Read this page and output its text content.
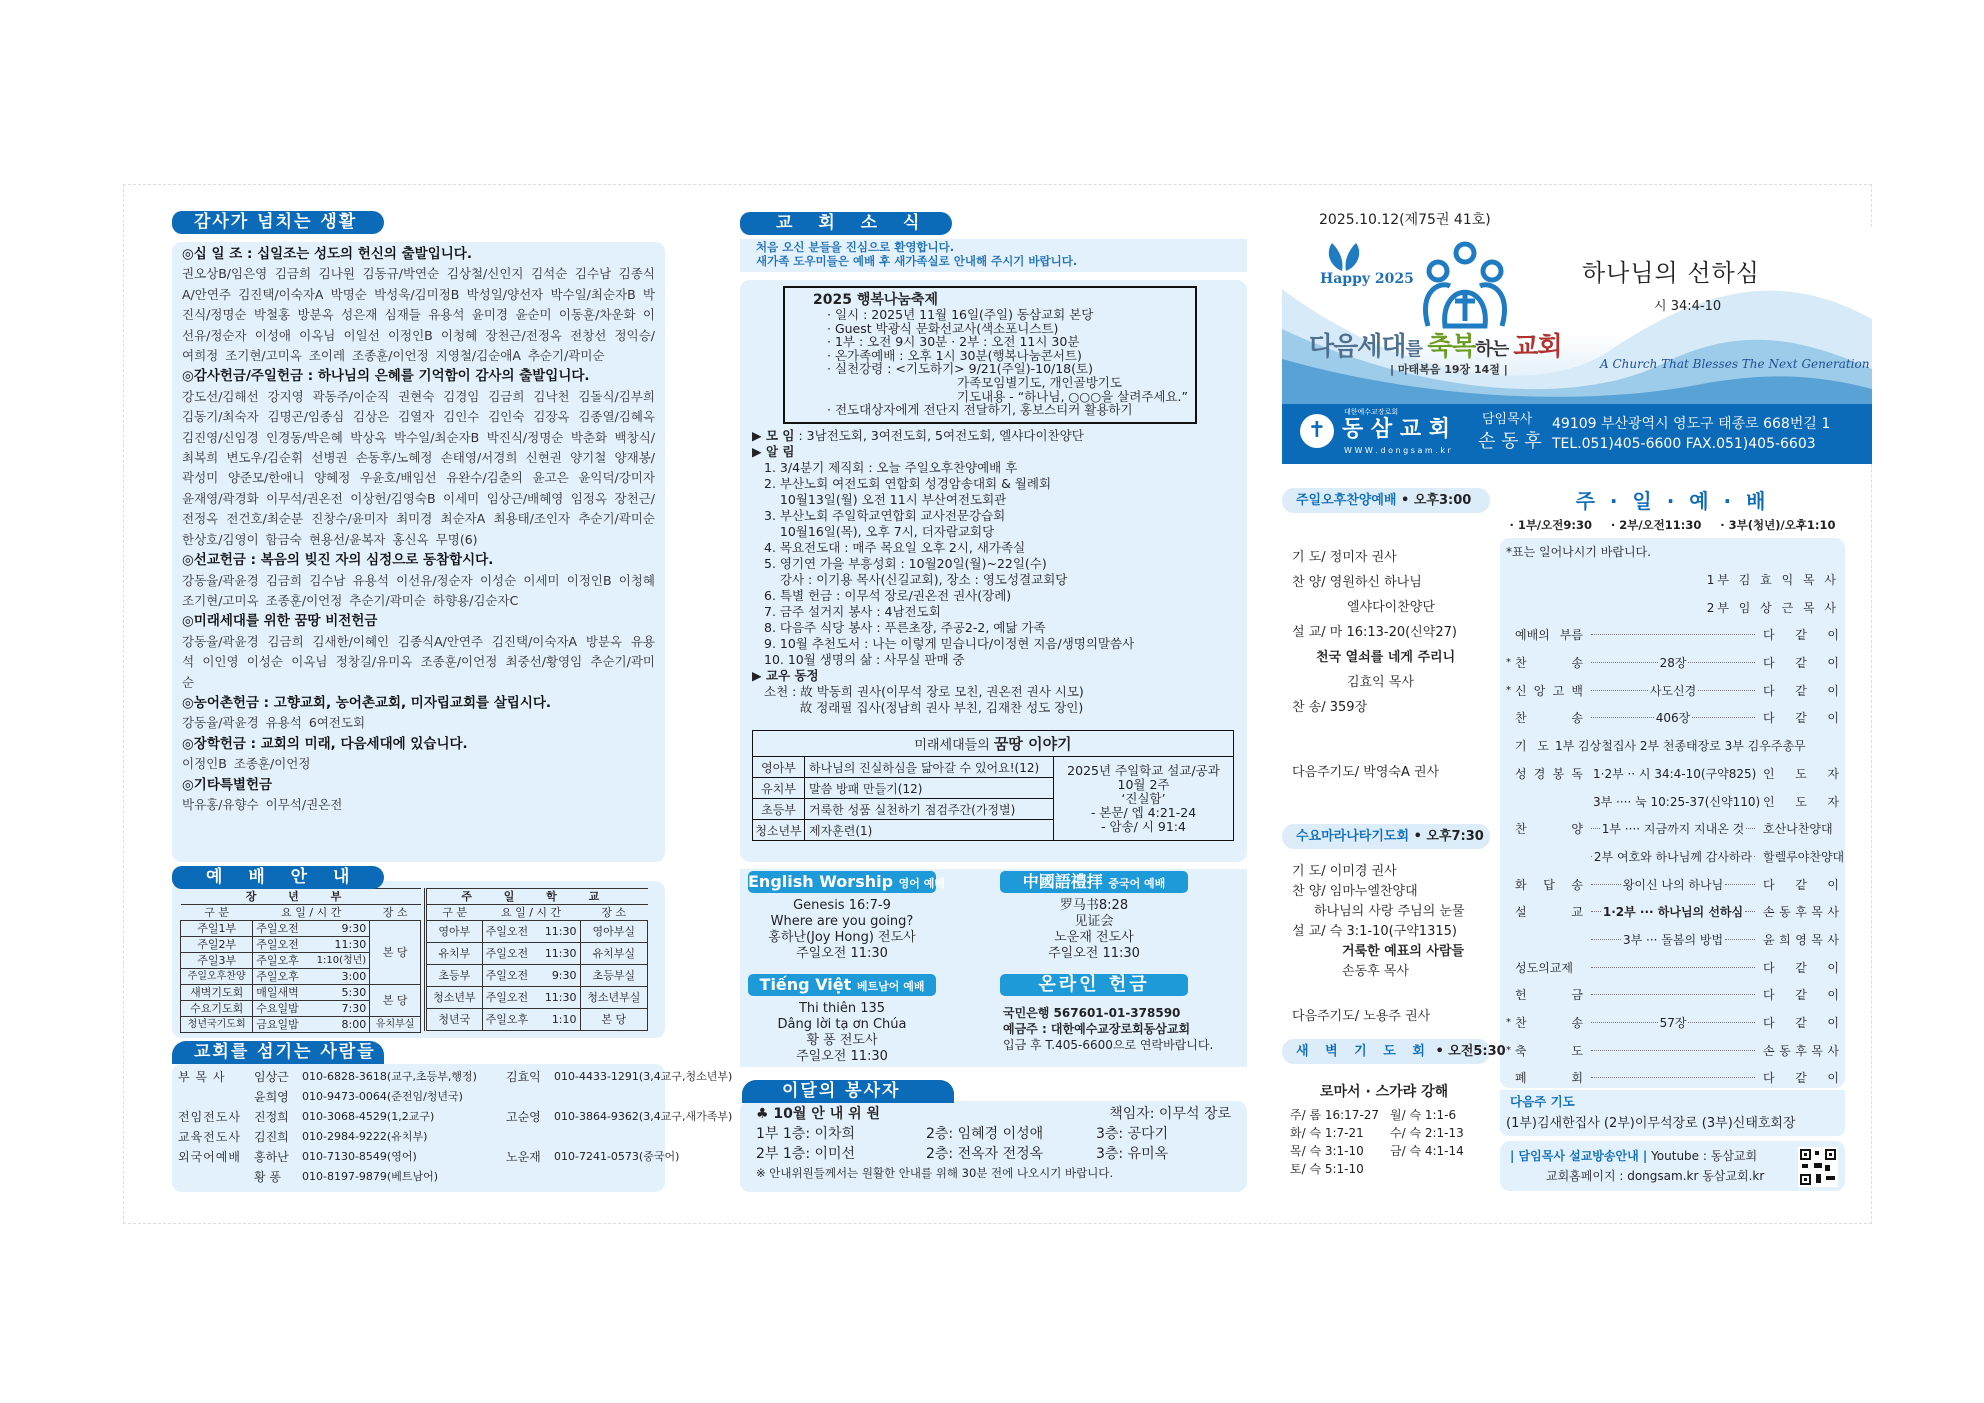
감사가 넘치는 생활
◎십 일 조 : 십일조는 성도의 헌신의 출발입니다.
권오상B/임은영 김금희 김나원 김동규/박연순 김상철/신인지 김석순 김수남 김종식A/안연주 김진택/이숙자A 박명순 박성욱/김미정B 박성일/양선자 박수일/최순자B 박진식/정명순 박철홍 방분옥 성은재 심재들 유용석 윤미경 윤순미 이동훈/차운화 이선유/정순자 이성애 이옥님 이일선 이정인B 이청혜 장천근/전정옥 전창선 정익승/여희정 조기현/고미옥 조이레 조종훈/이언정 지영철/김순애A 추순기/곽미순
◎감사헌금/주일헌금 : 하나님의 은혜를 기억함이 감사의 출발입니다.
강도선/김해선 강지영 곽동주/이순직 권현숙 김경임 김금희 김낙천 김돌식/김부희 김동기/최숙자 김명곤/임종심 김상은 김열자 김인수 김인숙 김장옥 김종열/김혜옥 김진영/신임경 인경동/박은혜 박상옥 박수일/최순자B 박진식/정명순 박춘화 백창식/최복희 변도우/김순휘 선병권 손동후/노혜정 손태영/서경희 신현권 양기철 양재봉/곽성미 양준모/한애니 양혜정 우윤호/배임선 유완수/김춘의 윤고은 윤익덕/강미자 윤재영/곽경화 이무석/권온전 이상헌/김영숙B 이세미 임상근/배혜영 임정옥 장천근/전정옥 전건호/최순분 진창수/윤미자 최미경 최순자A 최용태/조인자 추순기/곽미순 한상호/김영이 함금숙 현용선/윤복자 홍신옥 무명(6)
◎선교헌금 : 복음의 빚진 자의 심정으로 동참합시다.
강동율/곽윤경 김금희 김수남 유용석 이선유/정순자 이성순 이세미 이정인B 이청혜 조기현/고미옥 조종훈/이언정 추순기/곽미순 하향용/김순자C
◎미래세대를 위한 꿈땅 비전헌금
강동율/곽윤경 김금희 김새한/이혜인 김종식A/안연주 김진택/이숙자A 방분옥 유용석 이인영 이성순 이옥님 정창길/유미옥 조종훈/이언정 최중선/황영임 추순기/곽미순
◎농어촌헌금 : 고향교회, 농어촌교회, 미자립교회를 살립시다.
강동율/곽윤경 유용석 6여전도회
◎장학헌금 : 교회의 미래, 다음세대에 있습니다.
이정인B 조종훈/이언정
◎기타특별헌금
박유홍/유향수 이무석/권온전
예 배 안 내
장 년 부			
구 분	요 일 / 시 간		장 소
주일1부	주일오전	9:30	본 당
주일2부	주일오전	11:30	
주일3부	주일오후	1:10(청년)	
주일오후찬양	주일오후	3:00	
새벽기도회	매일새벽	5:30	본 당
수요기도회	수요일밤	7:30	
청년국기도회	금요일밤	8:00	유치부실
주 일 학 교			
구 분	요 일 / 시 간		장 소
영아부	주일오전	11:30	영아부실
유치부	주일오전	11:30	유치부실
초등부	주일오전	9:30	초등부실
청소년부	주일오전	11:30	청소년부실
청년국	주일오후	1:10	본 당
교회를 섬기는 사람들
부 목 사	임상근	010-6828-3618(교구,초등부,행정)	김효익	010-4433-1291(3,4교구,청소년부)
윤희영	010-9473-0064(준전임/청년국)
전임전도사	진정희	010-3068-4529(1,2교구)	고순영	010-3864-9362(3,4교구,새가족부)
교육전도사	김진희	010-2984-9222(유치부)
외국어예배	홍하난	010-7130-8549(영어)	노운재	010-7241-0573(중국어)
황 퐁	010-8197-9879(베트남어)
교 회 소 식
처음 오신 분들을 진심으로 환영합니다.
새가족 도우미들은 예배 후 새가족실로 안내해 주시기 바랍니다.
2025 행복나눔축제
· 일시 : 2025년 11월 16일(주일) 동삼교회 본당
· Guest 박광식 문화선교사(색소포니스트)
· 1부 : 오전 9시 30분 · 2부 : 오전 11시 30분
· 온가족예배 : 오후 1시 30분(행복나눔콘서트)
· 실천강령 : <기도하기> 9/21(주일)-10/18(토)
가족모임별기도, 개인골방기도
기도내용 - “하나님, ○○○을 살려주세요.”
· 전도대상자에게 전단지 전달하기, 홍보스티커 활용하기
▶ 모 임 : 3남전도회, 3여전도회, 5여전도회, 엘샤다이찬양단
▶ 알 림
1. 3/4분기 제직회 : 오늘 주일오후찬양예배 후
2. 부산노회 여전도회 연합회 성경암송대회 & 월례회
10월13일(월) 오전 11시 부산여전도회관
3. 부산노회 주일학교연합회 교사전문강습회
10월16일(목), 오후 7시, 더자람교회당
4. 목요전도대 : 매주 목요일 오후 2시, 새가족실
5. 영기연 가을 부흥성회 : 10월20일(월)~22일(수)
강사 : 이기용 목사(신길교회), 장소 : 영도성결교회당
6. 특별 헌금 : 이무석 장로/권온전 권사(장례)
7. 금주 설거지 봉사 : 4남전도회
8. 다음주 식당 봉사 : 푸른초장, 주공2-2, 예닮 가족
9. 10월 추천도서 : 나는 이렇게 믿습니다/이정현 지음/생명의말씀사
10. 10월 생명의 삶 : 사무실 판매 중
▶ 교우 동정
소천 : 故 박동희 권사(이무석 장로 모친, 권온전 권사 시모)
故 정래필 집사(정남희 권사 부친, 김재찬 성도 장인)
미래세대들의 꿈땅 이야기		
영아부	하나님의 진실하심을 닮아갈 수 있어요!(12)	2025년 주일학교 설교/공과
10월 2주
‘진실함’
- 본문/ 엡 4:21-24
- 암송/ 시 91:4

유치부	말씀 방패 만들기(12)	
초등부	거룩한 성품 실천하기 점검주간(가정별)	
청소년부	제자훈련(1)	
English Worship 영어 예배
Genesis 16:7-9
Where are you going?
홍하난(Joy Hong) 전도사
주일오전 11:30
中國語禮拝 중국어 예배
罗马书8:28
见证会
노운재 전도사
주일오전 11:30
Tiếng Việt 베트남어 예배
Thi thiên 135
Dâng lời tạ ơn Chúa
황 퐁 전도사
주일오전 11:30
온라인 헌금
국민은행 567601-01-378590
예금주 : 대한예수교장로회동삼교회
입금 후 T.405-6600으로 연락바랍니다.
이달의 봉사자
♣ 10월 안 내 위 원	책임자: 이무석 장로
1부 1층: 이차희	2층: 임혜경 이성애	3층: 공다기
2부 1층: 이미선	2층: 전옥자 전정옥	3층: 유미옥
※ 안내위원들께서는 원활한 안내를 위해 30분 전에 나오시기 바랍니다.
2025.10.12(제75권 41호)
Happy 2025
다음세대를 축복하는 교회
| 마태복음 19장 14절 |
하나님의 선하심
시 34:4-10
A Church That Blesses The Next Generation
✝
대한예수교장로회
동 삼 교 회
W W W . d o n g s a m . k r
담임목사
손 동 후
49109 부산광역시 영도구 태종로 668번길 1
TEL.051)405-6600 FAX.051)405-6603
주일오후찬양예배 • 오후3:00
기 도/ 정미자 권사
찬 양/ 영원하신 하나님
엘샤다이찬양단
설 교/ 마 16:13-20(신약27)
천국 열쇠를 네게 주리니
김효익 목사
찬 송/ 359장
다음주기도/ 박영숙A 권사
수요마라나타기도회 • 오후7:30
기 도/ 이미경 권사
찬 양/ 임마누엘찬양대
하나님의 사랑 주님의 눈물
설 교/ 슥 3:1-10(구약1315)
거룩한 예표의 사람들
손동후 목사
다음주기도/ 노용주 권사
새 벽 기 도 회 • 오전5:30
로마서 · 스가랴 강해
주/ 롬 16:17-27 월/ 슥 1:1-6
화/ 슥 1:7-21	수/ 슥 2:1-13
목/ 슥 3:1-10	금/ 슥 4:1-14
토/ 슥 5:1-10
주 · 일 · 예 · 배
· 1부/오전9:30 · 2부/오전11:30 · 3부(청년)/오후1:10
*표는 일어나시기 바랍니다.
1부 김 효 익 목 사
2부 임 상 근 목 사
예배의 부름	다 같 이
* 찬 송	28장	다 같 이
* 신 앙 고 백	사도신경	다 같 이
찬 송	406장	다 같 이
기 도 1부 김상철집사 2부 천종태장로 3부 김우주총무
성 경 봉 독 1·2부 ·· 시 34:4-10(구약825) 인 도 자
3부 ···· 눅 10:25-37(신약110) 인 도 자
찬 양 1부 ···· 지금까지 지내온 것 호산나찬양대
2부 여호와 하나님께 감사하라 할렐루야찬양대
화 답 송	왕이신 나의 하나님	다 같 이
설 교 1·2부 ··· 하나님의 선하심 손 동 후 목 사
3부 ··· 돌봄의 방법	윤 희 영 목 사
성도의교제	다 같 이
헌 금	다 같 이
* 찬 송	57장	다 같 이
* 축 도	손 동 후 목 사
폐 회	다 같 이
다음주 기도
(1부)김새한집사 (2부)이무석장로 (3부)신태호회장
| 담임목사 설교방송안내 | Youtube : 동삼교회
교회홈페이지 : dongsam.kr 동삼교회.kr
